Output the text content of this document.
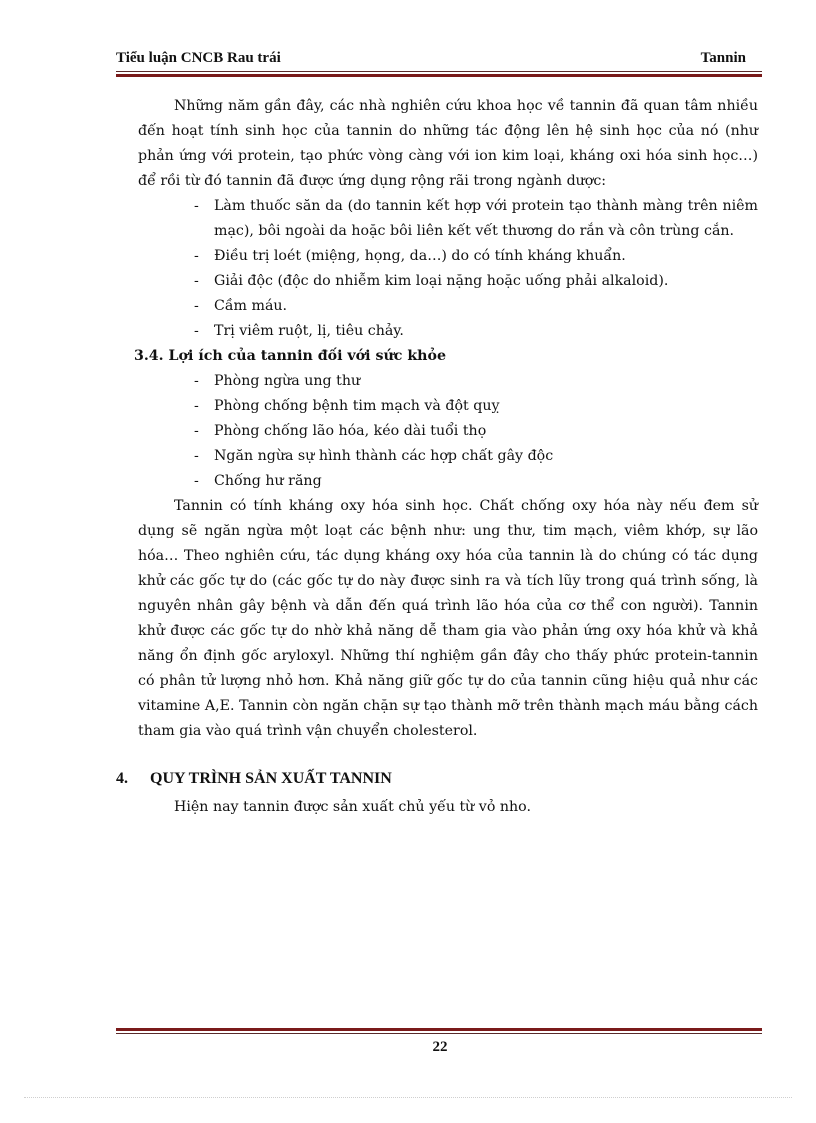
Tiểu luận CNCB Rau trái	Tannin

Những năm gần đây, các nhà nghiên cứu khoa học về tannin đã quan tâm nhiều đến hoạt tính sinh học của tannin do những tác động lên hệ sinh học của nó (như phản ứng với protein, tạo phức vòng càng với ion kim loại, kháng oxi hóa sinh học…) để rồi từ đó tannin đã được ứng dụng rộng rãi trong ngành dược:

- Làm thuốc săn da (do tannin kết hợp với protein tạo thành màng trên niêm mạc), bôi ngoài da hoặc bôi liên kết vết thương do rắn và côn trùng cắn.
- Điều trị loét (miệng, họng, da…) do có tính kháng khuẩn.
- Giải độc (độc do nhiễm kim loại nặng hoặc uống phải alkaloid).
- Cầm máu.
- Trị viêm ruột, lị, tiêu chảy.

3.4. Lợi ích của tannin đối với sức khỏe

- Phòng ngừa ung thư
- Phòng chống bệnh tim mạch và đột quỵ
- Phòng chống lão hóa, kéo dài tuổi thọ
- Ngăn ngừa sự hình thành các hợp chất gây độc
- Chống hư răng

Tannin có tính kháng oxy hóa sinh học. Chất chống oxy hóa này nếu đem sử dụng sẽ ngăn ngừa một loạt các bệnh như: ung thư, tim mạch, viêm khớp, sự lão hóa… Theo nghiên cứu, tác dụng kháng oxy hóa của tannin là do chúng có tác dụng khử các gốc tự do (các gốc tự do này được sinh ra và tích lũy trong quá trình sống, là nguyên nhân gây bệnh và dẫn đến quá trình lão hóa của cơ thể con người). Tannin khử được các gốc tự do nhờ khả năng dễ tham gia vào phản ứng oxy hóa khử và khả năng ổn định gốc aryloxyl. Những thí nghiệm gần đây cho thấy phức protein-tannin có phân tử lượng nhỏ hơn. Khả năng giữ gốc tự do của tannin cũng hiệu quả như các vitamine A,E. Tannin còn ngăn chặn sự tạo thành mỡ trên thành mạch máu bằng cách tham gia vào quá trình vận chuyển cholesterol.

4. QUY TRÌNH SẢN XUẤT TANNIN

Hiện nay tannin được sản xuất chủ yếu từ vỏ nho.

22
